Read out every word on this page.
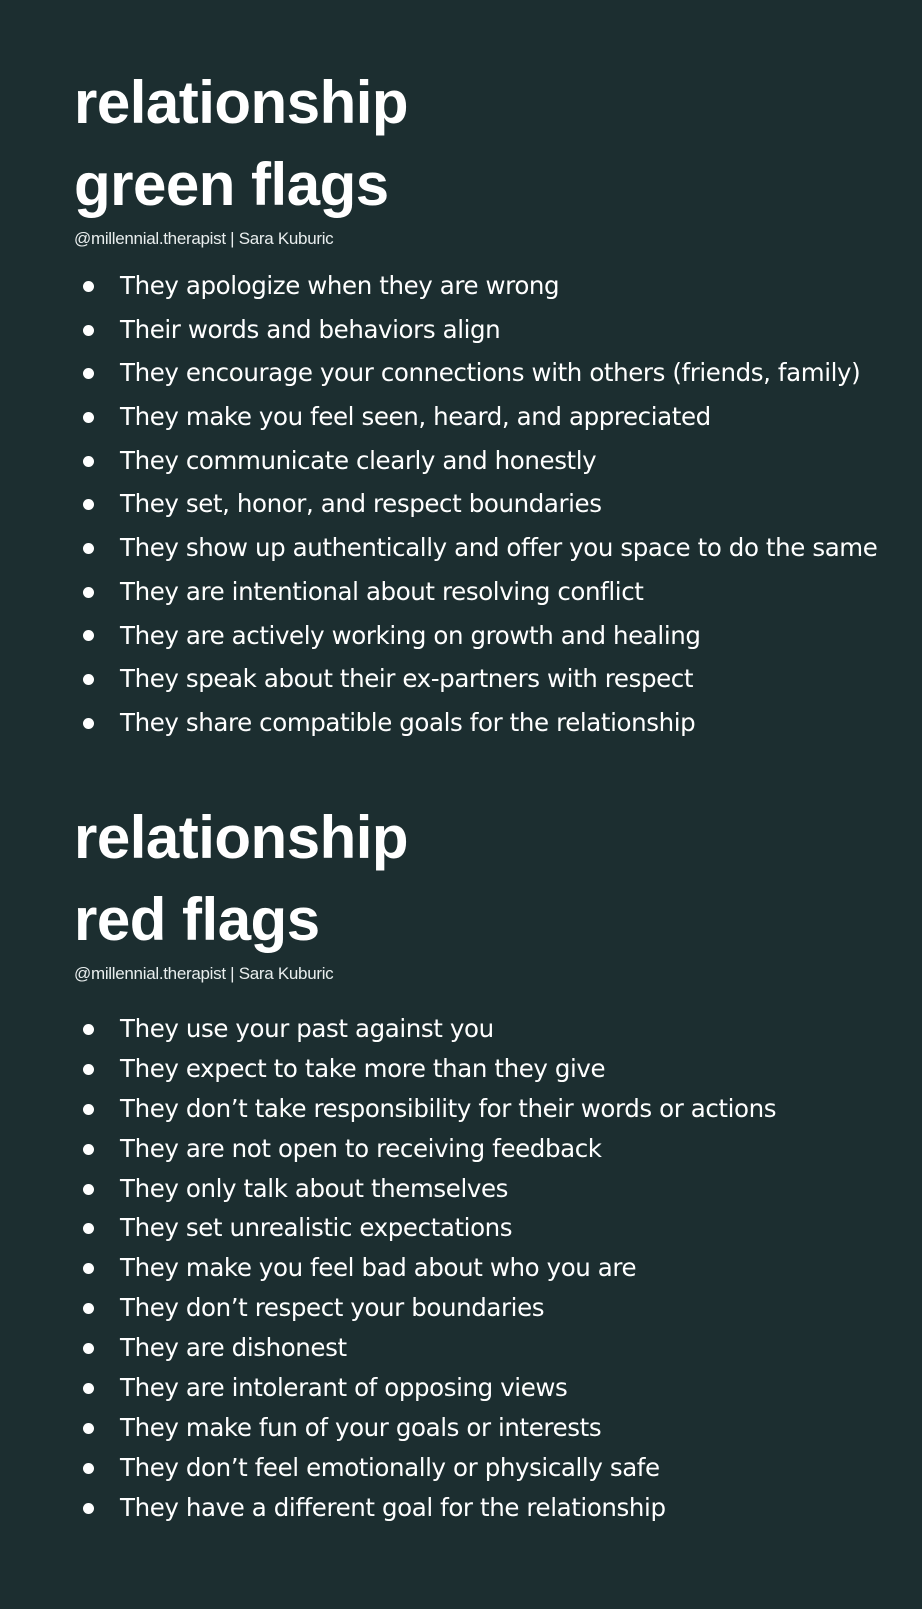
relationship
green flags
@millennial.therapist | Sara Kuburic
They apologize when they are wrong
Their words and behaviors align
They encourage your connections with others (friends, family)
They make you feel seen, heard, and appreciated
They communicate clearly and honestly
They set, honor, and respect boundaries
They show up authentically and offer you space to do the same
They are intentional about resolving conflict
They are actively working on growth and healing
They speak about their ex-partners with respect
They share compatible goals for the relationship
relationship
red flags
@millennial.therapist | Sara Kuburic
They use your past against you
They expect to take more than they give
They don’t take responsibility for their words or actions
They are not open to receiving feedback
They only talk about themselves
They set unrealistic expectations
They make you feel bad about who you are
They don’t respect your boundaries
They are dishonest
They are intolerant of opposing views
They make fun of your goals or interests
They don’t feel emotionally or physically safe
They have a different goal for the relationship
